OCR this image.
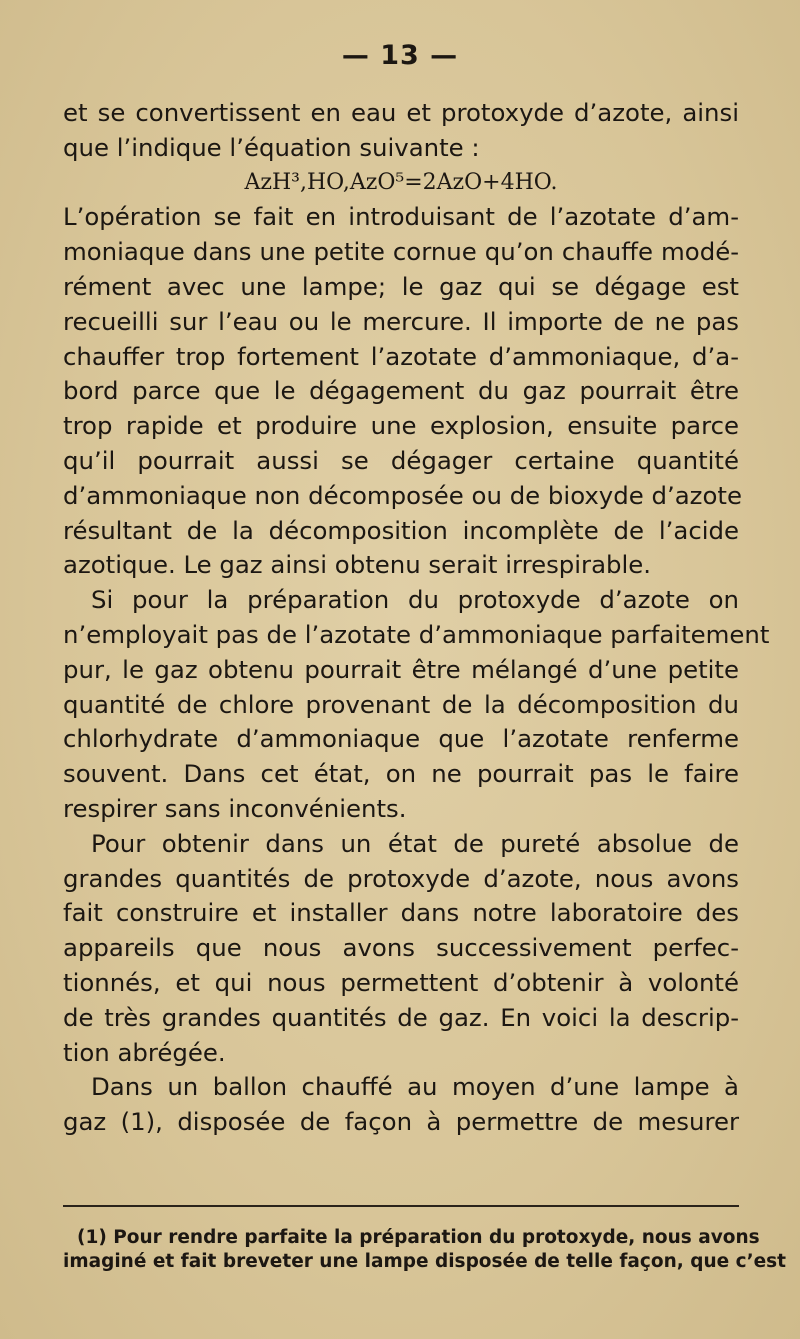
— 13 —
et se convertissent en eau et protoxyde d’azote, ainsi
que l’indique l’équation suivante :
AzH³,HO,AzO⁵=2AzO+4HO.
L’opération se fait en introduisant de l’azotate d’am-
moniaque dans une petite cornue qu’on chauffe modé-
rément avec une lampe; le gaz qui se dégage est
recueilli sur l’eau ou le mercure. Il importe de ne pas
chauffer trop fortement l’azotate d’ammoniaque, d’a-
bord parce que le dégagement du gaz pourrait être
trop rapide et produire une explosion, ensuite parce
qu’il pourrait aussi se dégager certaine quantité
d’ammoniaque non décomposée ou de bioxyde d’azote
résultant de la décomposition incomplète de l’acide
azotique. Le gaz ainsi obtenu serait irrespirable.
Si pour la préparation du protoxyde d’azote on
n’employait pas de l’azotate d’ammoniaque parfaitement
pur, le gaz obtenu pourrait être mélangé d’une petite
quantité de chlore provenant de la décomposition du
chlorhydrate d’ammoniaque que l’azotate renferme
souvent. Dans cet état, on ne pourrait pas le faire
respirer sans inconvénients.
Pour obtenir dans un état de pureté absolue de
grandes quantités de protoxyde d’azote, nous avons
fait construire et installer dans notre laboratoire des
appareils que nous avons successivement perfec-
tionnés, et qui nous permettent d’obtenir à volonté
de très grandes quantités de gaz. En voici la descrip-
tion abrégée.
Dans un ballon chauffé au moyen d’une lampe à
gaz (1), disposée de façon à permettre de mesurer
(1) Pour rendre parfaite la préparation du protoxyde, nous avons
imaginé et fait breveter une lampe disposée de telle façon, que c’est
